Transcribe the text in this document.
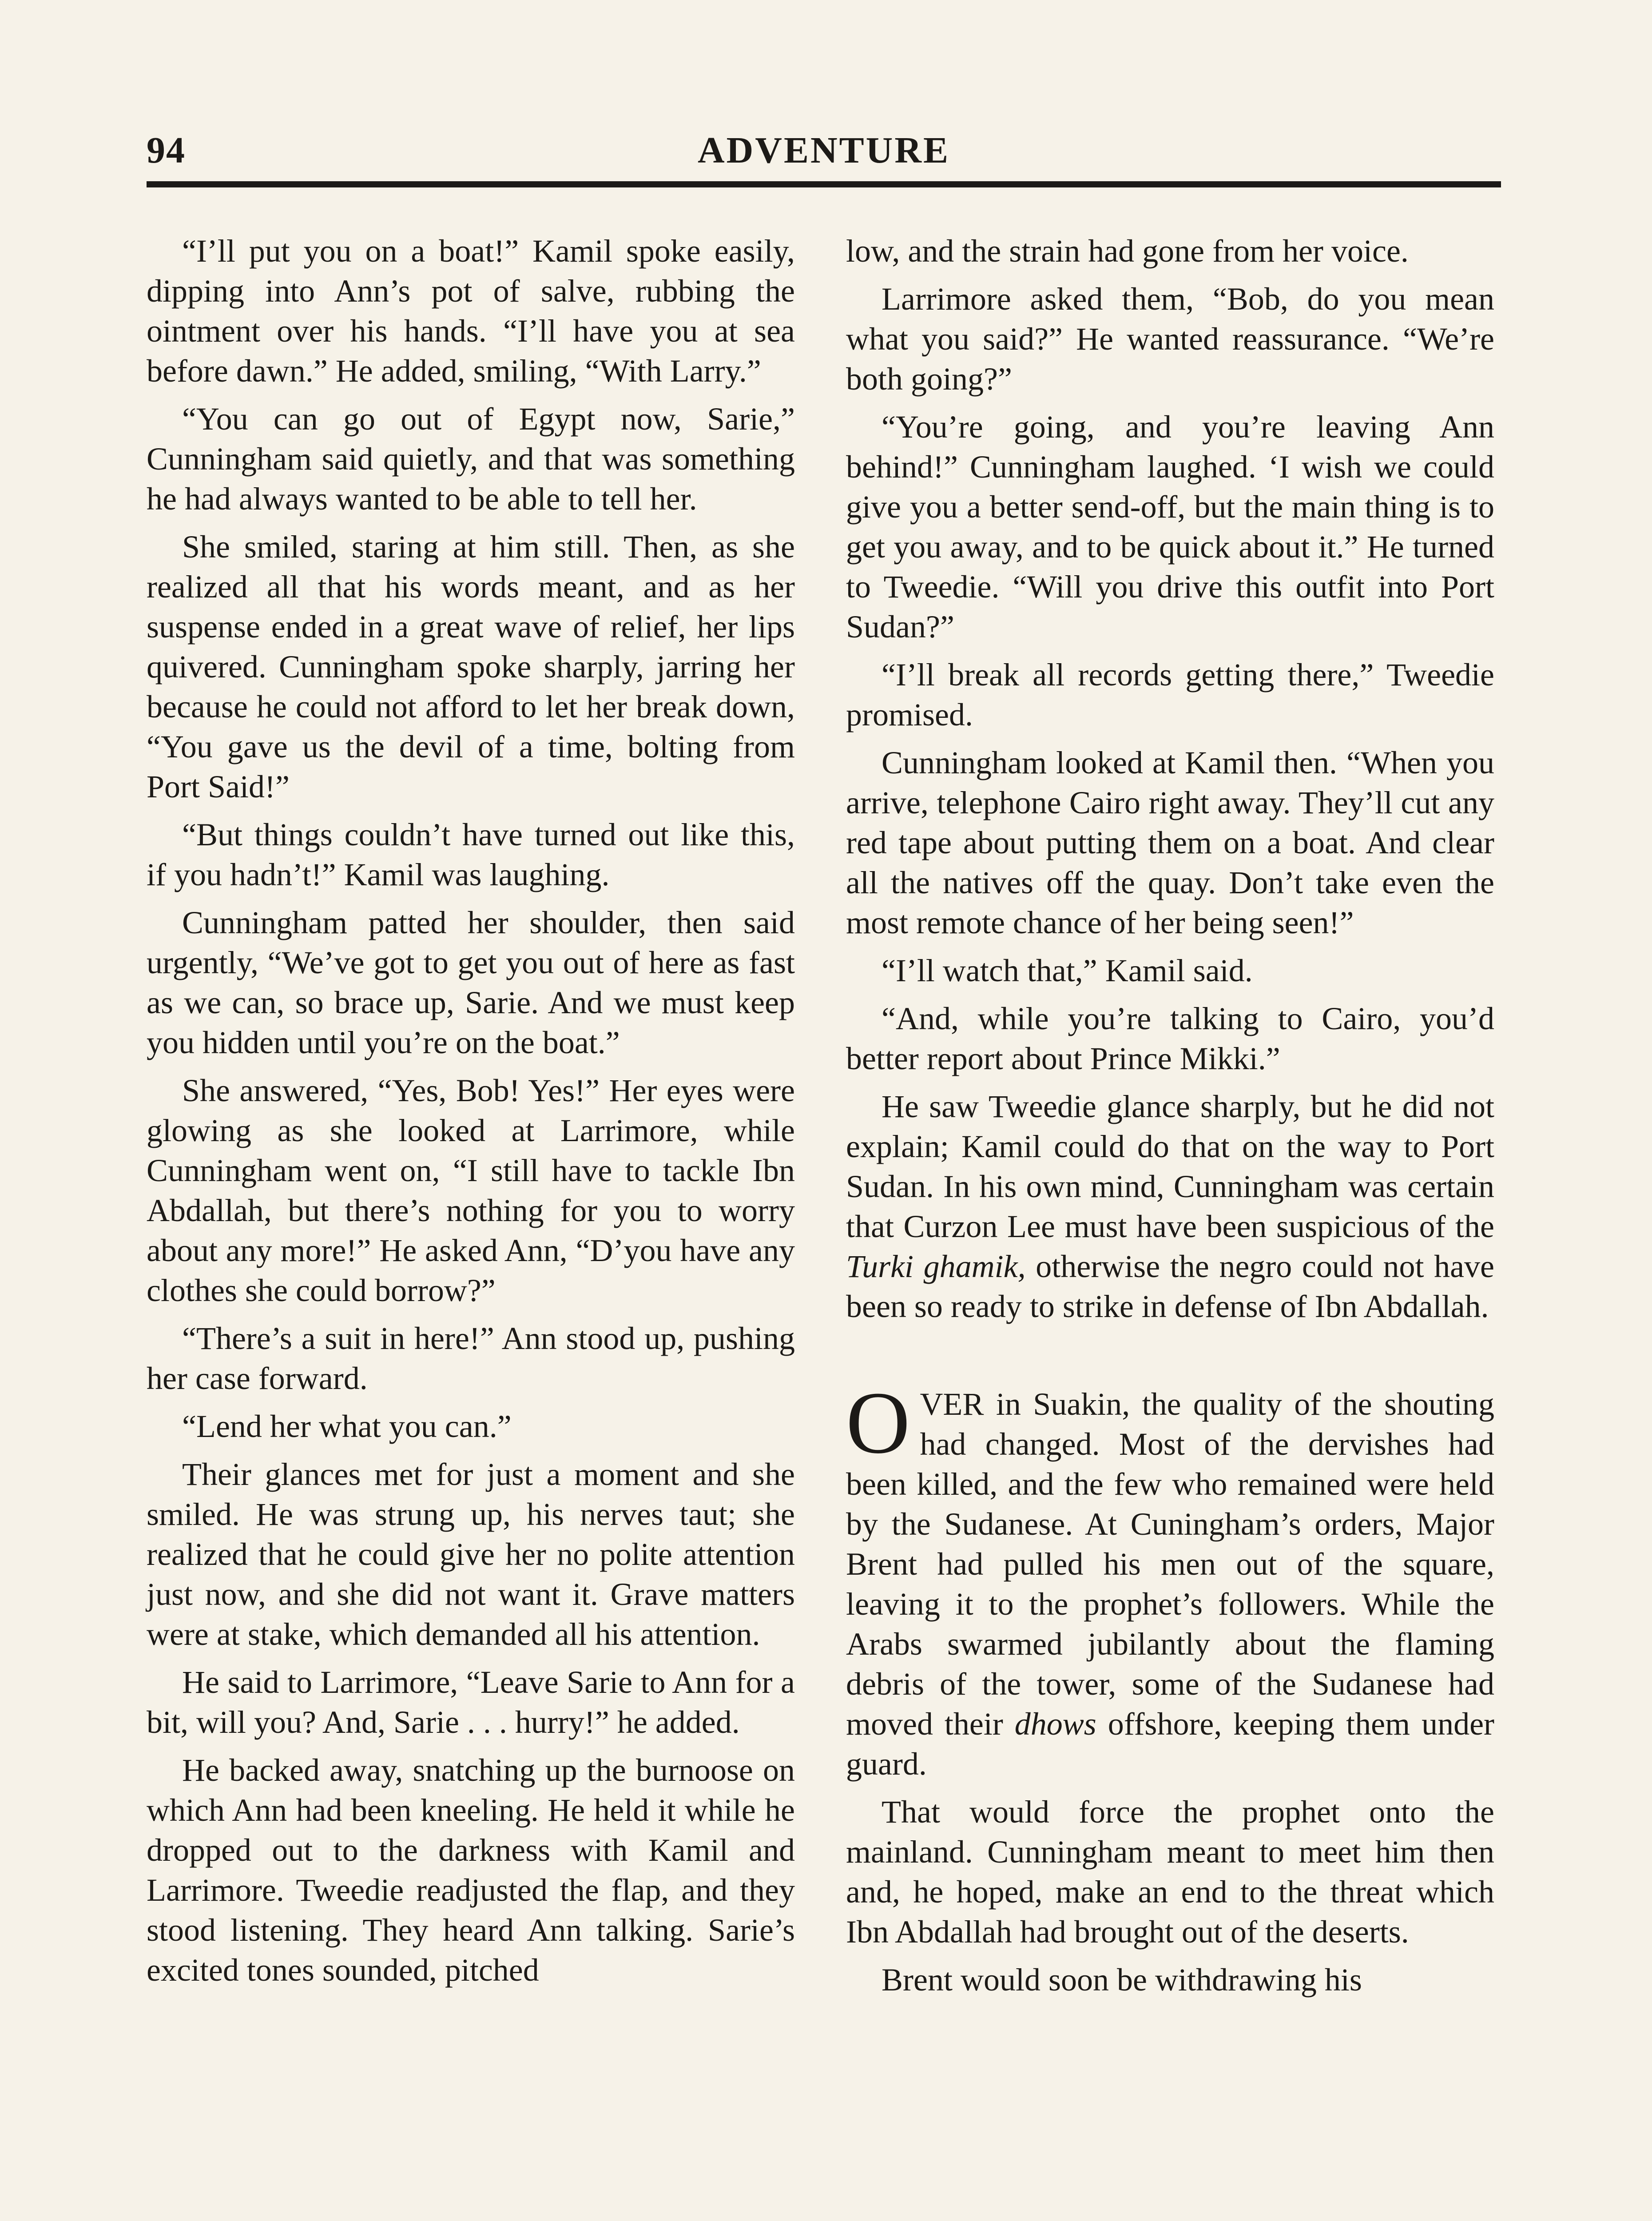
94	ADVENTURE

“I’ll put you on a boat!” Kamil spoke easily, dipping into Ann’s pot of salve, rubbing the ointment over his hands. “I’ll have you at sea before dawn.” He added, smiling, “With Larry.”

“You can go out of Egypt now, Sarie,” Cunningham said quietly, and that was something he had always wanted to be able to tell her.

She smiled, staring at him still. Then, as she realized all that his words meant, and as her suspense ended in a great wave of relief, her lips quivered. Cunningham spoke sharply, jarring her because he could not afford to let her break down, “You gave us the devil of a time, bolting from Port Said!”

“But things couldn’t have turned out like this, if you hadn’t!” Kamil was laughing.

Cunningham patted her shoulder, then said urgently, “We’ve got to get you out of here as fast as we can, so brace up, Sarie. And we must keep you hidden until you’re on the boat.”

She answered, “Yes, Bob! Yes!” Her eyes were glowing as she looked at Larrimore, while Cunningham went on, “I still have to tackle Ibn Abdallah, but there’s nothing for you to worry about any more!” He asked Ann, “D’you have any clothes she could borrow?”

“There’s a suit in here!” Ann stood up, pushing her case forward.

“Lend her what you can.”

Their glances met for just a moment and she smiled. He was strung up, his nerves taut; she realized that he could give her no polite attention just now, and she did not want it. Grave matters were at stake, which demanded all his attention.

He said to Larrimore, “Leave Sarie to Ann for a bit, will you? And, Sarie . . . hurry!” he added.

He backed away, snatching up the burnoose on which Ann had been kneeling. He held it while he dropped out to the darkness with Kamil and Larrimore. Tweedie readjusted the flap, and they stood listening. They heard Ann talking. Sarie’s excited tones sounded, pitched

low, and the strain had gone from her voice.

Larrimore asked them, “Bob, do you mean what you said?” He wanted reassurance. “We’re both going?”

“You’re going, and you’re leaving Ann behind!” Cunningham laughed. ‘I wish we could give you a better send-off, but the main thing is to get you away, and to be quick about it.” He turned to Tweedie. “Will you drive this outfit into Port Sudan?”

“I’ll break all records getting there,” Tweedie promised.

Cunningham looked at Kamil then. “When you arrive, telephone Cairo right away. They’ll cut any red tape about putting them on a boat. And clear all the natives off the quay. Don’t take even the most remote chance of her being seen!”

“I’ll watch that,” Kamil said.

“And, while you’re talking to Cairo, you’d better report about Prince Mikki.”

He saw Tweedie glance sharply, but he did not explain; Kamil could do that on the way to Port Sudan. In his own mind, Cunningham was certain that Curzon Lee must have been suspicious of the Turki ghamik, otherwise the negro could not have been so ready to strike in defense of Ibn Abdallah.

OVER in Suakin, the quality of the shouting had changed. Most of the dervishes had been killed, and the few who remained were held by the Sudanese. At Cuningham’s orders, Major Brent had pulled his men out of the square, leaving it to the prophet’s followers. While the Arabs swarmed jubilantly about the flaming debris of the tower, some of the Sudanese had moved their dhows offshore, keeping them under guard.

That would force the prophet onto the mainland. Cunningham meant to meet him then and, he hoped, make an end to the threat which Ibn Abdallah had brought out of the deserts.

Brent would soon be withdrawing his
